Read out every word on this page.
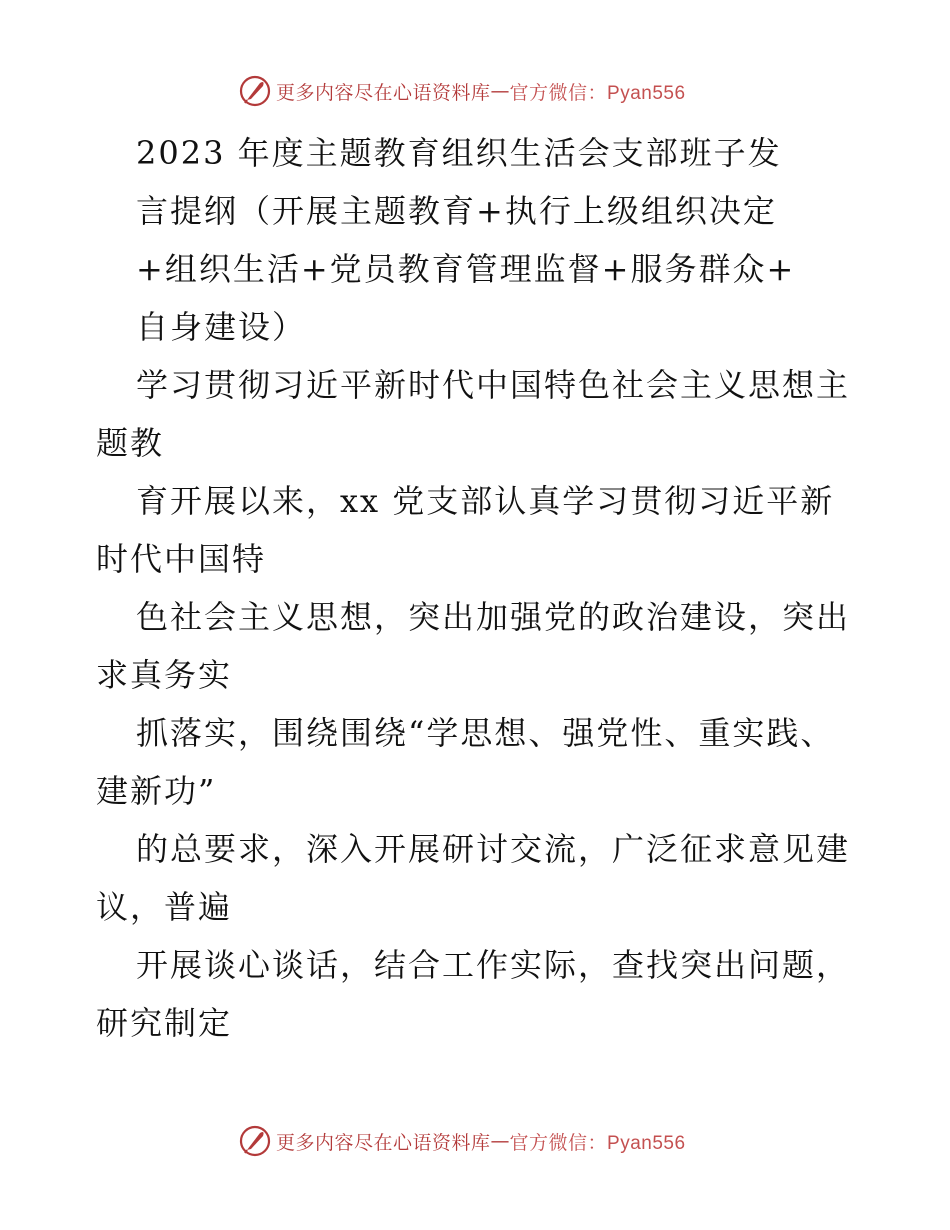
更多内容尽在心语资料库 — 官方微信：Pyan556
2023 年度主题教育组织生活会支部班子发
言提纲（开展主题教育+执行上级组织决定
+组织生活+党员教育管理监督+服务群众+
自身建设）
学习贯彻习近平新时代中国特色社会主义思想主
题教
育开展以来，xx 党支部认真学习贯彻习近平新
时代中国特
色社会主义思想，突出加强党的政治建设，突出
求真务实
抓落实，围绕围绕“学思想、强党性、重实践、
建新功”
的总要求，深入开展研讨交流，广泛征求意见建
议，普遍
开展谈心谈话，结合工作实际，查找突出问题，
研究制定
更多内容尽在心语资料库 — 官方微信：Pyan556
